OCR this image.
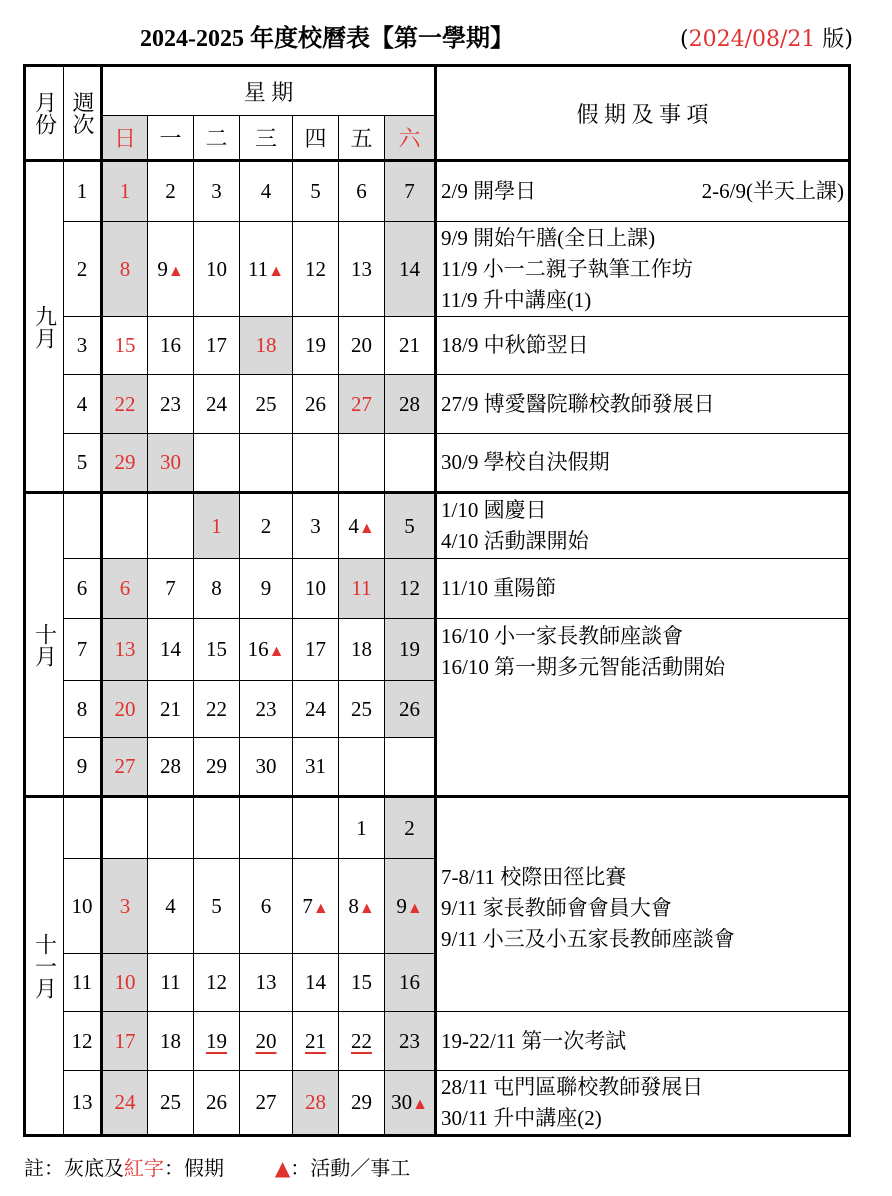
2024-2025 年度校曆表【第一學期】	(2024/08/21 版)
月份	週次	星 期							假 期 及 事 項
		日	一	二	三	四	五	六	
九月	1	1	2	3	4	5	6	7	2/9 開學日 2-6/9(半天上課)

	2	8	9▲	10	11▲	12	13	14	9/9 開始午膳(全日上課)
11/9 小一二親子執筆工作坊
11/9 升中講座(1)

	3	15	16	17	18	19	20	21	18/9 中秋節翌日

	4	22	23	24	25	26	27	28	27/9 博愛醫院聯校教師發展日

	5	29	30						30/9 學校自決假期

十月				1	2	3	4▲	5	1/10 國慶日
4/10 活動課開始

	6	6	7	8	9	10	11	12	11/10 重陽節

	7	13	14	15	16▲	17	18	19	16/10 小一家長教師座談會
16/10 第一期多元智能活動開始

	8	20	21	22	23	24	25	26	
	9	27	28	29	30	31			
十一月							1	2	7-8/11 校際田徑比賽
9/11 家長教師會會員大會
9/11 小三及小五家長教師座談會

	10	3	4	5	6	7▲	8▲	9▲	
	11	10	11	12	13	14	15	16	
	12	17	18	19	20	21	22	23	19-22/11 第一次考試

	13	24	25	26	27	28	29	30▲	28/11 屯門區聯校教師發展日
30/11 升中講座(2)
註：灰底及紅字：假期	▲：活動／事工
